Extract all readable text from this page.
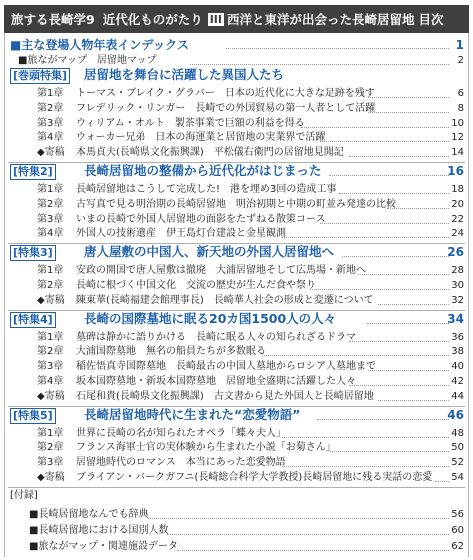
旅する長崎学9 近代化ものがたり III 西洋と東洋が出会った長崎居留地 目次
■主な登場人物年表インデックス	1
■旅ながマップ　居留地マップ	2
[巻頭特集] 居留地を舞台に活躍した異国人たち
第1章 トーマス・ブレイク・グラバー　日本の近代化に大きな足跡を残す	6
第2章 フレデリック・リンガー　長崎での外国貿易の第一人者として活躍	8
第3章 ウィリアム・オルト　製茶事業で巨額の利益を得る	10
第4章 ウォーカー兄弟　日本の海運業と居留地の実業界で活躍	12
◆寄稿 本馬貞夫(長崎県文化振興課)　平松儀右衛門の居留地見聞記	14
[特集2]	長崎居留地の整備から近代化がはじまった	16
第1章 長崎居留地はこうして完成した!　港を埋め3回の造成工事	18
第2章 古写真で見る明治期の長崎居留地　明治初期と中期の町並み発達の比較	20
第3章 いまの長崎で外国人居留地の面影をたずねる散策コース	22
第4章 外国人の技術遺産　伊王島灯台建設と金星観測	24
[特集3]	唐人屋敷の中国人、新天地の外国人居留地へ	26
第1章 安政の開国で唐人屋敷は撤廃　大浦居留地そして広馬場・新地へ	28
第2章 長崎に根づく中国文化　交流の歴史が生んだ食や祭り	30
◆寄稿 陳東華(長崎福建会館理事長)　長崎華人社会の形成と変遷について	32
[特集4]	長崎の国際墓地に眠る20カ国1500人の人々	34
第1章 墓碑は静かに語りかける　長崎に眠る人々の知られざるドラマ	36
第2章 大浦国際墓地　無名の船員たちが多数眠る	38
第3章 稲佐悟真寺国際墓地　長崎最古の中国人墓地からロシア人墓地まで	40
第4章 坂本国際墓地・新坂本国際墓地　居留地全盛期に活躍した人々	42
◆寄稿 石尾和貴(長崎県文化振興課)　古文書から見た外国人と長崎居留地	44
[特集5]	長崎居留地時代に生まれた“恋愛物語”	46
第1章 世界に長崎の名が知られたオペラ「蝶々夫人」	48
第2章 フランス海軍士官の実体験から生まれた小説「お菊さん」	50
第3章 居留地時代のロマンス　本当にあった恋愛物語	52
◆寄稿 ブライアン・バークガフニ(長崎総合科学大学教授)長崎居留地に残る実話の恋愛 54
[付録]
■長崎居留地なんでも辞典	56
■長崎居留地における国別人数	60
■旅ながマップ・関連施設データ	62
